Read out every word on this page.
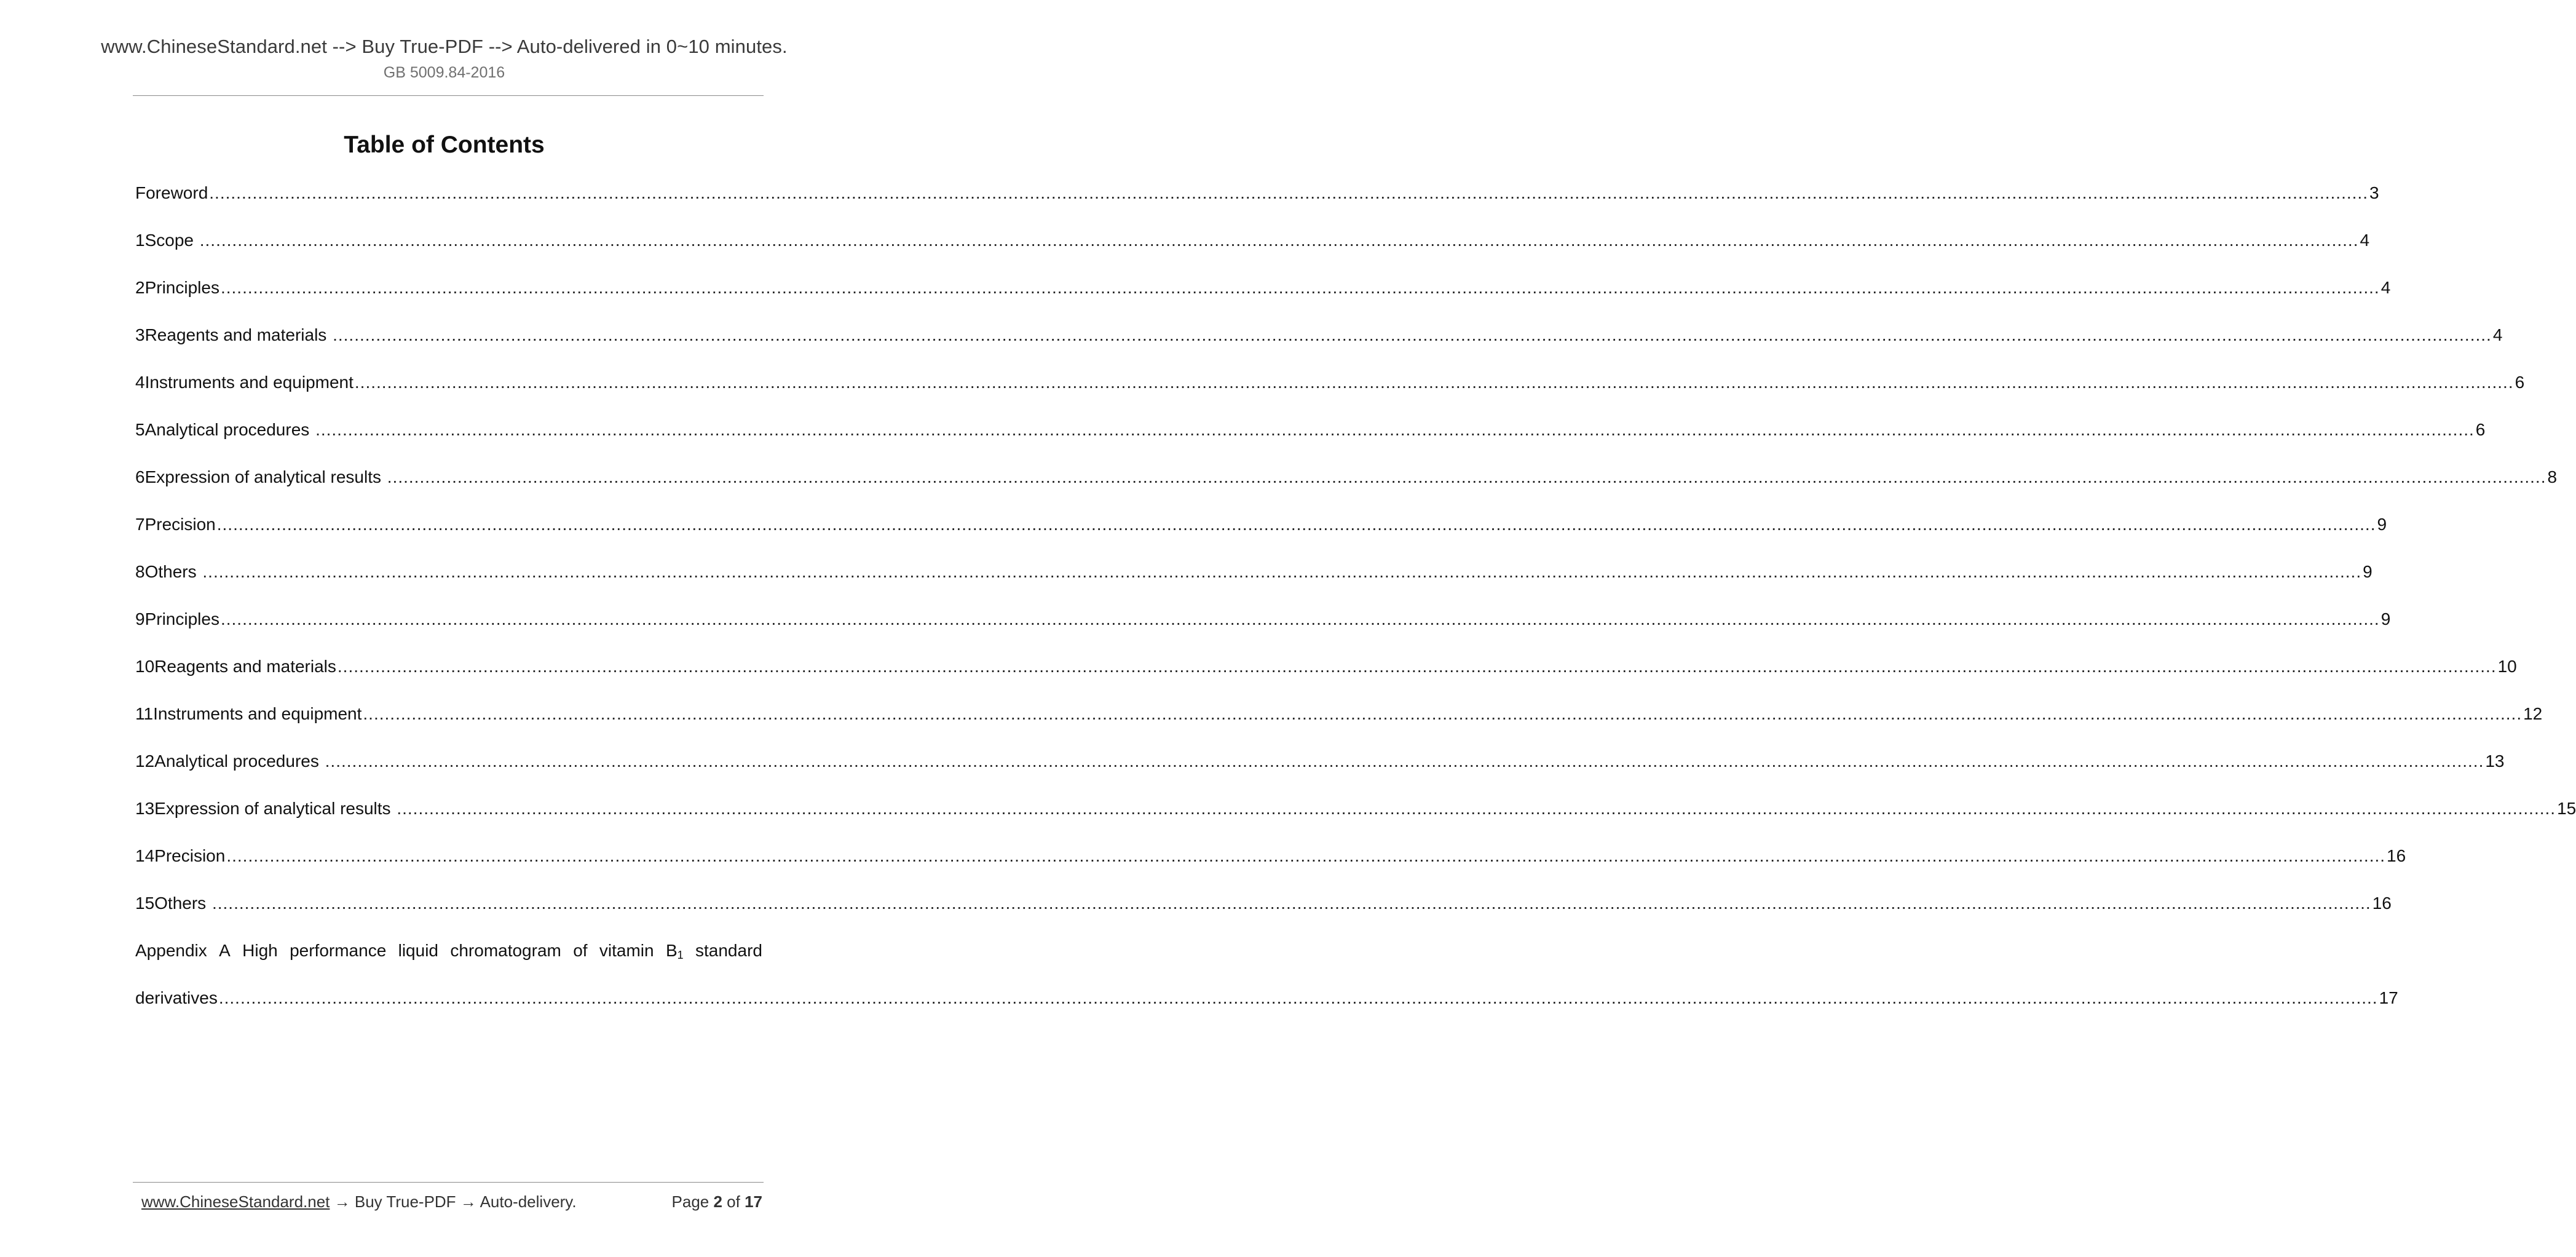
www.ChineseStandard.net --> Buy True-PDF --> Auto-delivered in 0~10 minutes.
GB 5009.84-2016
Table of Contents
Foreword ................................................................................................................................................................................................................................................................................................................................................................................................................ 3
1 Scope ................................................................................................................................................................................................................................................................................................................................................................................................................ 4
2 Principles ................................................................................................................................................................................................................................................................................................................................................................................................................ 4
3 Reagents and materials ................................................................................................................................................................................................................................................................................................................................................................................................................ 4
4 Instruments and equipment ................................................................................................................................................................................................................................................................................................................................................................................................................ 6
5 Analytical procedures ................................................................................................................................................................................................................................................................................................................................................................................................................ 6
6 Expression of analytical results ................................................................................................................................................................................................................................................................................................................................................................................................................ 8
7 Precision ................................................................................................................................................................................................................................................................................................................................................................................................................ 9
8 Others ................................................................................................................................................................................................................................................................................................................................................................................................................ 9
9 Principles ................................................................................................................................................................................................................................................................................................................................................................................................................ 9
10 Reagents and materials ................................................................................................................................................................................................................................................................................................................................................................................................................ 10
11 Instruments and equipment ................................................................................................................................................................................................................................................................................................................................................................................................................ 12
12 Analytical procedures ................................................................................................................................................................................................................................................................................................................................................................................................................ 13
13 Expression of analytical results ................................................................................................................................................................................................................................................................................................................................................................................................................ 15
14 Precision ................................................................................................................................................................................................................................................................................................................................................................................................................ 16
15 Others ................................................................................................................................................................................................................................................................................................................................................................................................................ 16
Appendix A High performance liquid chromatogram of vitamin $B_1$ standard
derivatives ................................................................................................................................................................................................................................................................................................................................................................................................................ 17
www.ChineseStandard.net → Buy True-PDF → Auto-delivery.	Page 2 of 17
